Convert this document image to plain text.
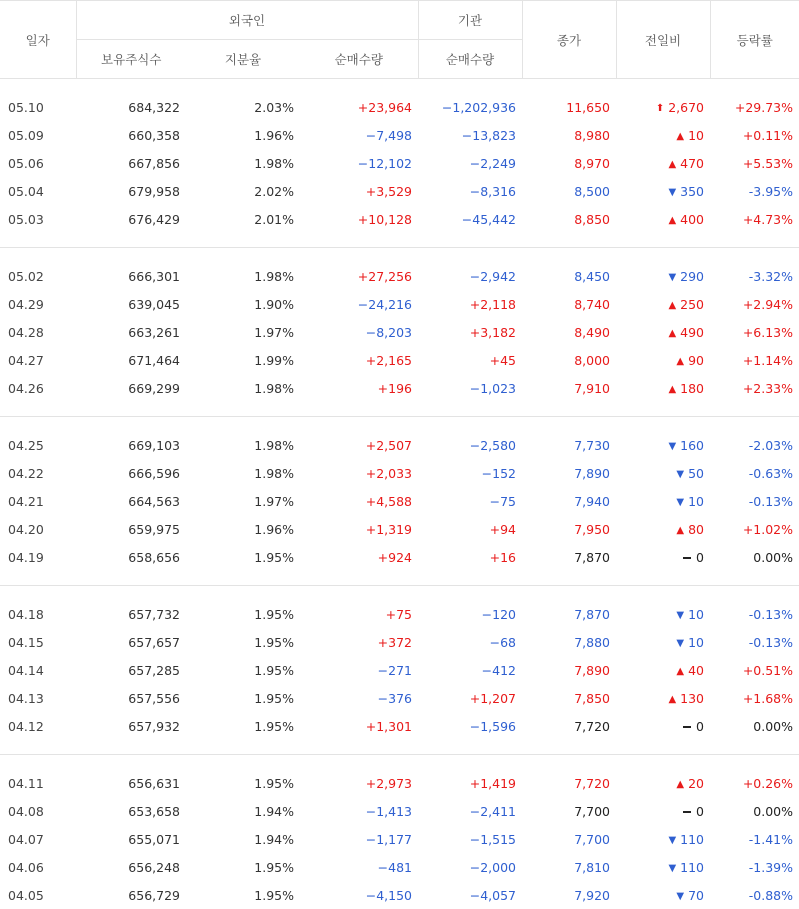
일자	외국인			기관	종가	전일비	등락률
	보유주식수	지분율	순매수량	순매수량			

05.10	684,322	2.03%	+23,964	−1,202,936	11,650	⬆ 2,670	+29.73%
05.09	660,358	1.96%	−7,498	−13,823	8,980	▲ 10	+0.11%
05.06	667,856	1.98%	−12,102	−2,249	8,970	▲ 470	+5.53%
05.04	679,958	2.02%	+3,529	−8,316	8,500	▼ 350	-3.95%
05.03	676,429	2.01%	+10,128	−45,442	8,850	▲ 400	+4.73%

05.02	666,301	1.98%	+27,256	−2,942	8,450	▼ 290	-3.32%
04.29	639,045	1.90%	−24,216	+2,118	8,740	▲ 250	+2.94%
04.28	663,261	1.97%	−8,203	+3,182	8,490	▲ 490	+6.13%
04.27	671,464	1.99%	+2,165	+45	8,000	▲ 90	+1.14%
04.26	669,299	1.98%	+196	−1,023	7,910	▲ 180	+2.33%

04.25	669,103	1.98%	+2,507	−2,580	7,730	▼ 160	-2.03%
04.22	666,596	1.98%	+2,033	−152	7,890	▼ 50	-0.63%
04.21	664,563	1.97%	+4,588	−75	7,940	▼ 10	-0.13%
04.20	659,975	1.96%	+1,319	+94	7,950	▲ 80	+1.02%
04.19	658,656	1.95%	+924	+16	7,870	0	0.00%

04.18	657,732	1.95%	+75	−120	7,870	▼ 10	-0.13%
04.15	657,657	1.95%	+372	−68	7,880	▼ 10	-0.13%
04.14	657,285	1.95%	−271	−412	7,890	▲ 40	+0.51%
04.13	657,556	1.95%	−376	+1,207	7,850	▲ 130	+1.68%
04.12	657,932	1.95%	+1,301	−1,596	7,720	0	0.00%

04.11	656,631	1.95%	+2,973	+1,419	7,720	▲ 20	+0.26%
04.08	653,658	1.94%	−1,413	−2,411	7,700	0	0.00%
04.07	655,071	1.94%	−1,177	−1,515	7,700	▼ 110	-1.41%
04.06	656,248	1.95%	−481	−2,000	7,810	▼ 110	-1.39%
04.05	656,729	1.95%	−4,150	−4,057	7,920	▼ 70	-0.88%
